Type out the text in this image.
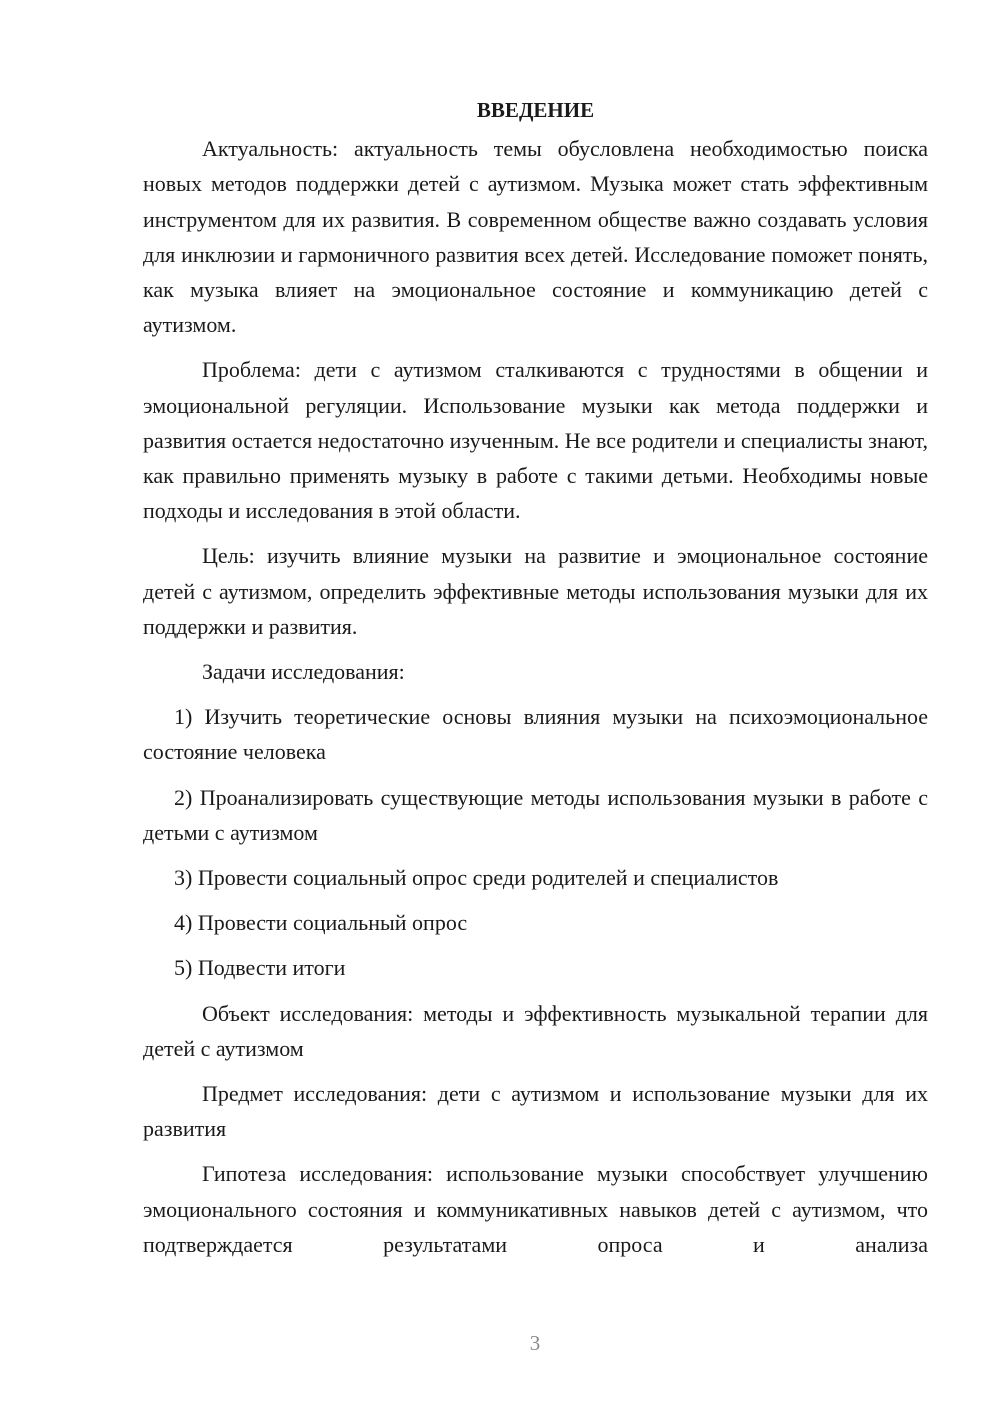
ВВЕДЕНИЕ

Актуальность: актуальность темы обусловлена необходимостью поиска новых методов поддержки детей с аутизмом. Музыка может стать эффективным инструментом для их развития. В современном обществе важно создавать условия для инклюзии и гармоничного развития всех детей. Исследование поможет понять, как музыка влияет на эмоциональное состояние и коммуникацию детей с аутизмом.

Проблема: дети с аутизмом сталкиваются с трудностями в общении и эмоциональной регуляции. Использование музыки как метода поддержки и развития остается недостаточно изученным. Не все родители и специалисты знают, как правильно применять музыку в работе с такими детьми. Необходимы новые подходы и исследования в этой области.

Цель: изучить влияние музыки на развитие и эмоциональное состояние детей с аутизмом, определить эффективные методы использования музыки для их поддержки и развития.

Задачи исследования:

1) Изучить теоретические основы влияния музыки на психоэмоциональное состояние человека

2) Проанализировать существующие методы использования музыки в работе с детьми с аутизмом

3) Провести социальный опрос среди родителей и специалистов

4) Провести социальный опрос

5) Подвести итоги

Объект исследования: методы и эффективность музыкальной терапии для детей с аутизмом

Предмет исследования: дети с аутизмом и использование музыки для их развития

Гипотеза исследования: использование музыки способствует улучшению эмоционального состояния и коммуникативных навыков детей с аутизмом, что подтверждается результатами опроса и анализа

3
